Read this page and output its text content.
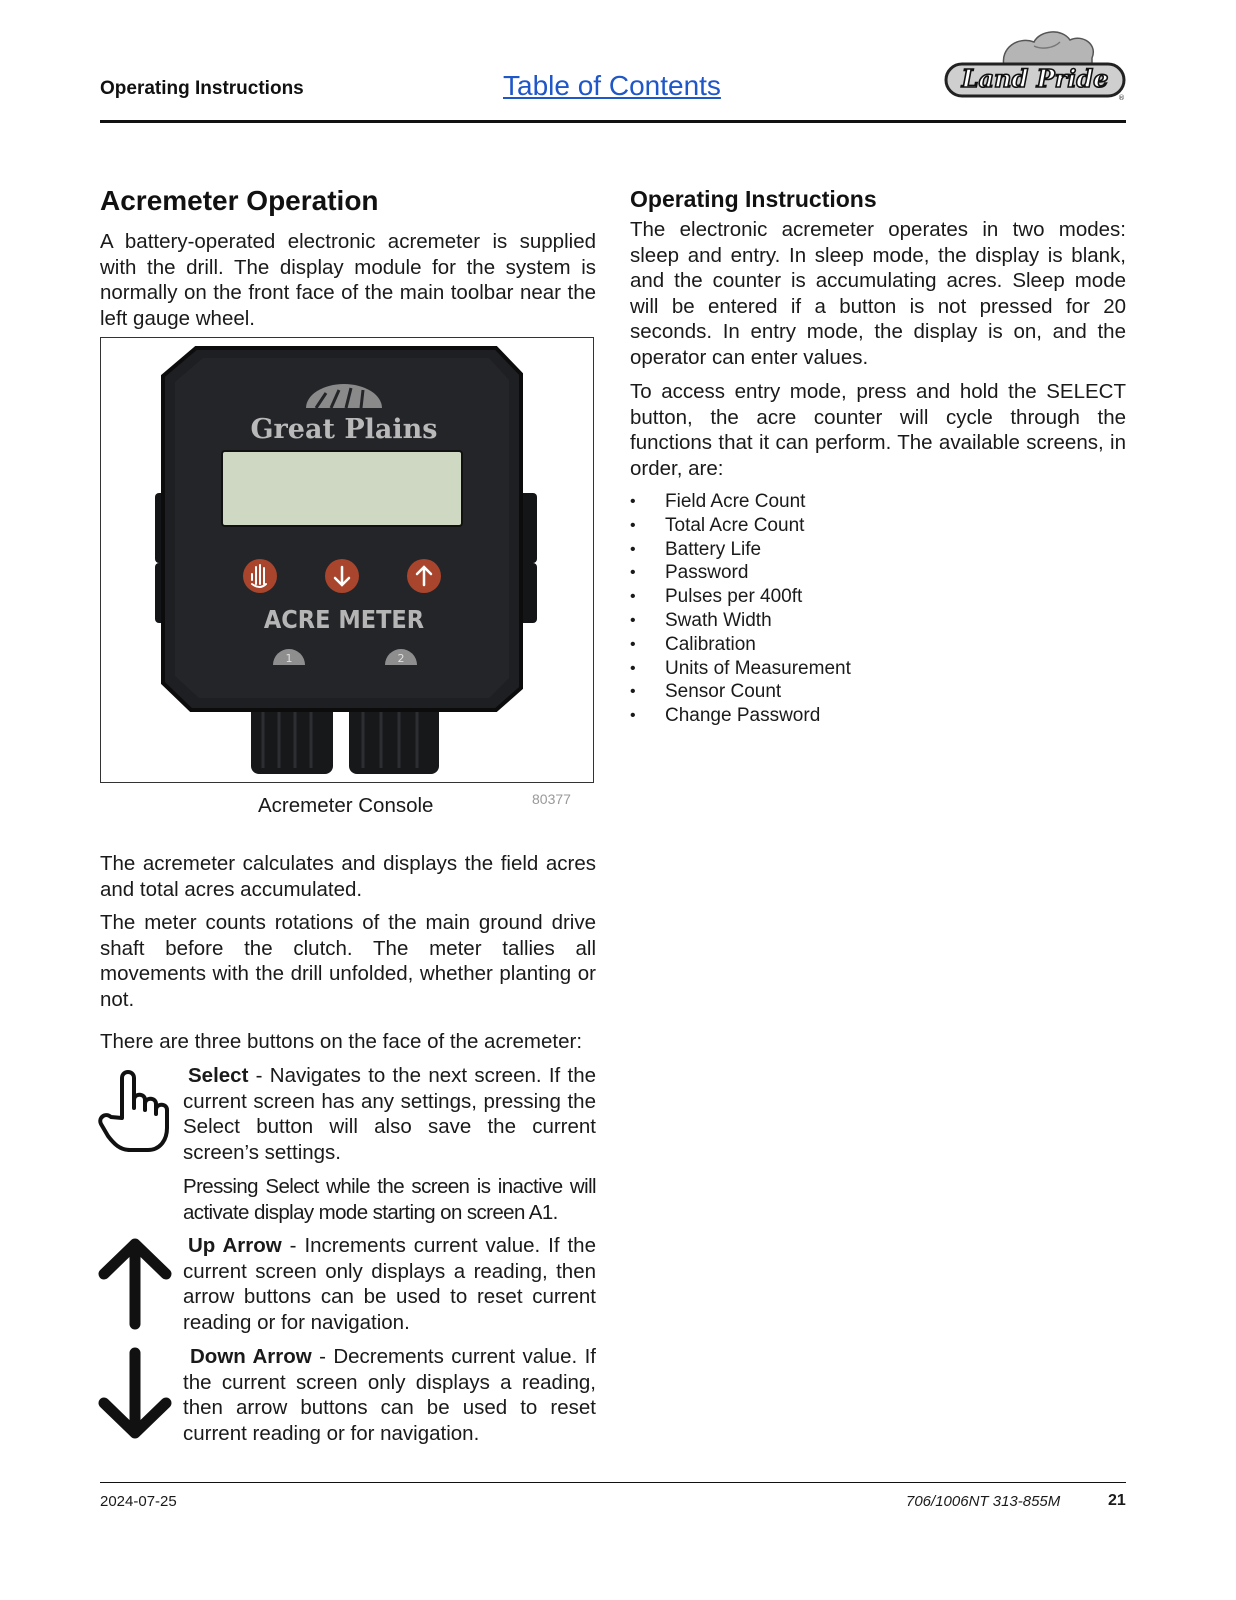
Operating Instructions	Table of Contents	Land Pride
®
Acremeter Operation

A battery-operated electronic acremeter is supplied with the drill. The display module for the system is normally on the front face of the main toolbar near the left gauge wheel.

Great Plains
ACRE METER
1	2
Acremeter Console	80377

The acremeter calculates and displays the field acres and total acres accumulated.

The meter counts rotations of the main ground drive shaft before the clutch. The meter tallies all movements with the drill unfolded, whether planting or not.

There are three buttons on the face of the acremeter:

Select - Navigates to the next screen. If the current screen has any settings, pressing the Select button will also save the current screen’s settings.

Pressing Select while the screen is inactive will activate display mode starting on screen A1.

Up Arrow - Increments current value. If the current screen only displays a reading, then arrow buttons can be used to reset current reading or for navigation.

Down Arrow - Decrements current value. If the current screen only displays a reading, then arrow buttons can be used to reset current reading or for navigation.

Operating Instructions

The electronic acremeter operates in two modes: sleep and entry. In sleep mode, the display is blank, and the counter is accumulating acres. Sleep mode will be entered if a button is not pressed for 20 seconds. In entry mode, the display is on, and the operator can enter values.

To access entry mode, press and hold the SELECT button, the acre counter will cycle through the functions that it can perform. The available screens, in order, are:

• Field Acre Count
• Total Acre Count
• Battery Life
• Password
• Pulses per 400ft
• Swath Width
• Calibration
• Units of Measurement
• Sensor Count
• Change Password
2024-07-25	706/1006NT 313-855M	21
